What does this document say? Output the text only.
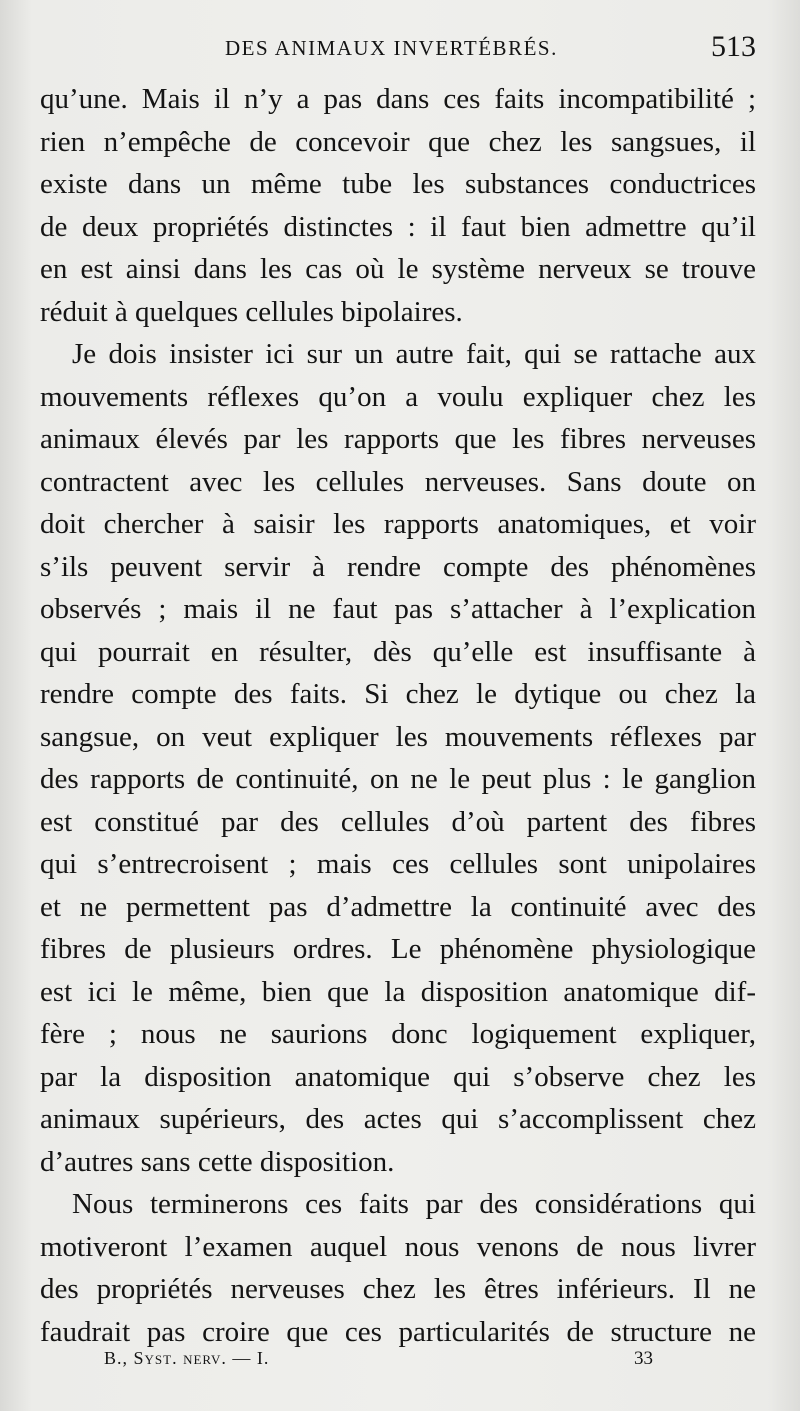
DES ANIMAUX INVERTÉBRÉS.	513
qu’une. Mais il n’y a pas dans ces faits incompatibilité ;
rien n’empêche de concevoir que chez les sangsues, il
existe dans un même tube les substances conductrices
de deux propriétés distinctes : il faut bien admettre qu’il
en est ainsi dans les cas où le système nerveux se trouve
réduit à quelques cellules bipolaires.
Je dois insister ici sur un autre fait, qui se rattache aux
mouvements réflexes qu’on a voulu expliquer chez les
animaux élevés par les rapports que les fibres nerveuses
contractent avec les cellules nerveuses. Sans doute on
doit chercher à saisir les rapports anatomiques, et voir
s’ils peuvent servir à rendre compte des phénomènes
observés ; mais il ne faut pas s’attacher à l’explication
qui pourrait en résulter, dès qu’elle est insuffisante à
rendre compte des faits. Si chez le dytique ou chez la
sangsue, on veut expliquer les mouvements réflexes par
des rapports de continuité, on ne le peut plus : le ganglion
est constitué par des cellules d’où partent des fibres
qui s’entrecroisent ; mais ces cellules sont unipolaires
et ne permettent pas d’admettre la continuité avec des
fibres de plusieurs ordres. Le phénomène physiologique
est ici le même, bien que la disposition anatomique dif-
fère ; nous ne saurions donc logiquement expliquer,
par la disposition anatomique qui s’observe chez les
animaux supérieurs, des actes qui s’accomplissent chez
d’autres sans cette disposition.
Nous terminerons ces faits par des considérations qui
motiveront l’examen auquel nous venons de nous livrer
des propriétés nerveuses chez les êtres inférieurs. Il ne
faudrait pas croire que ces particularités de structure ne
B., Syst. nerv. — I.	33
